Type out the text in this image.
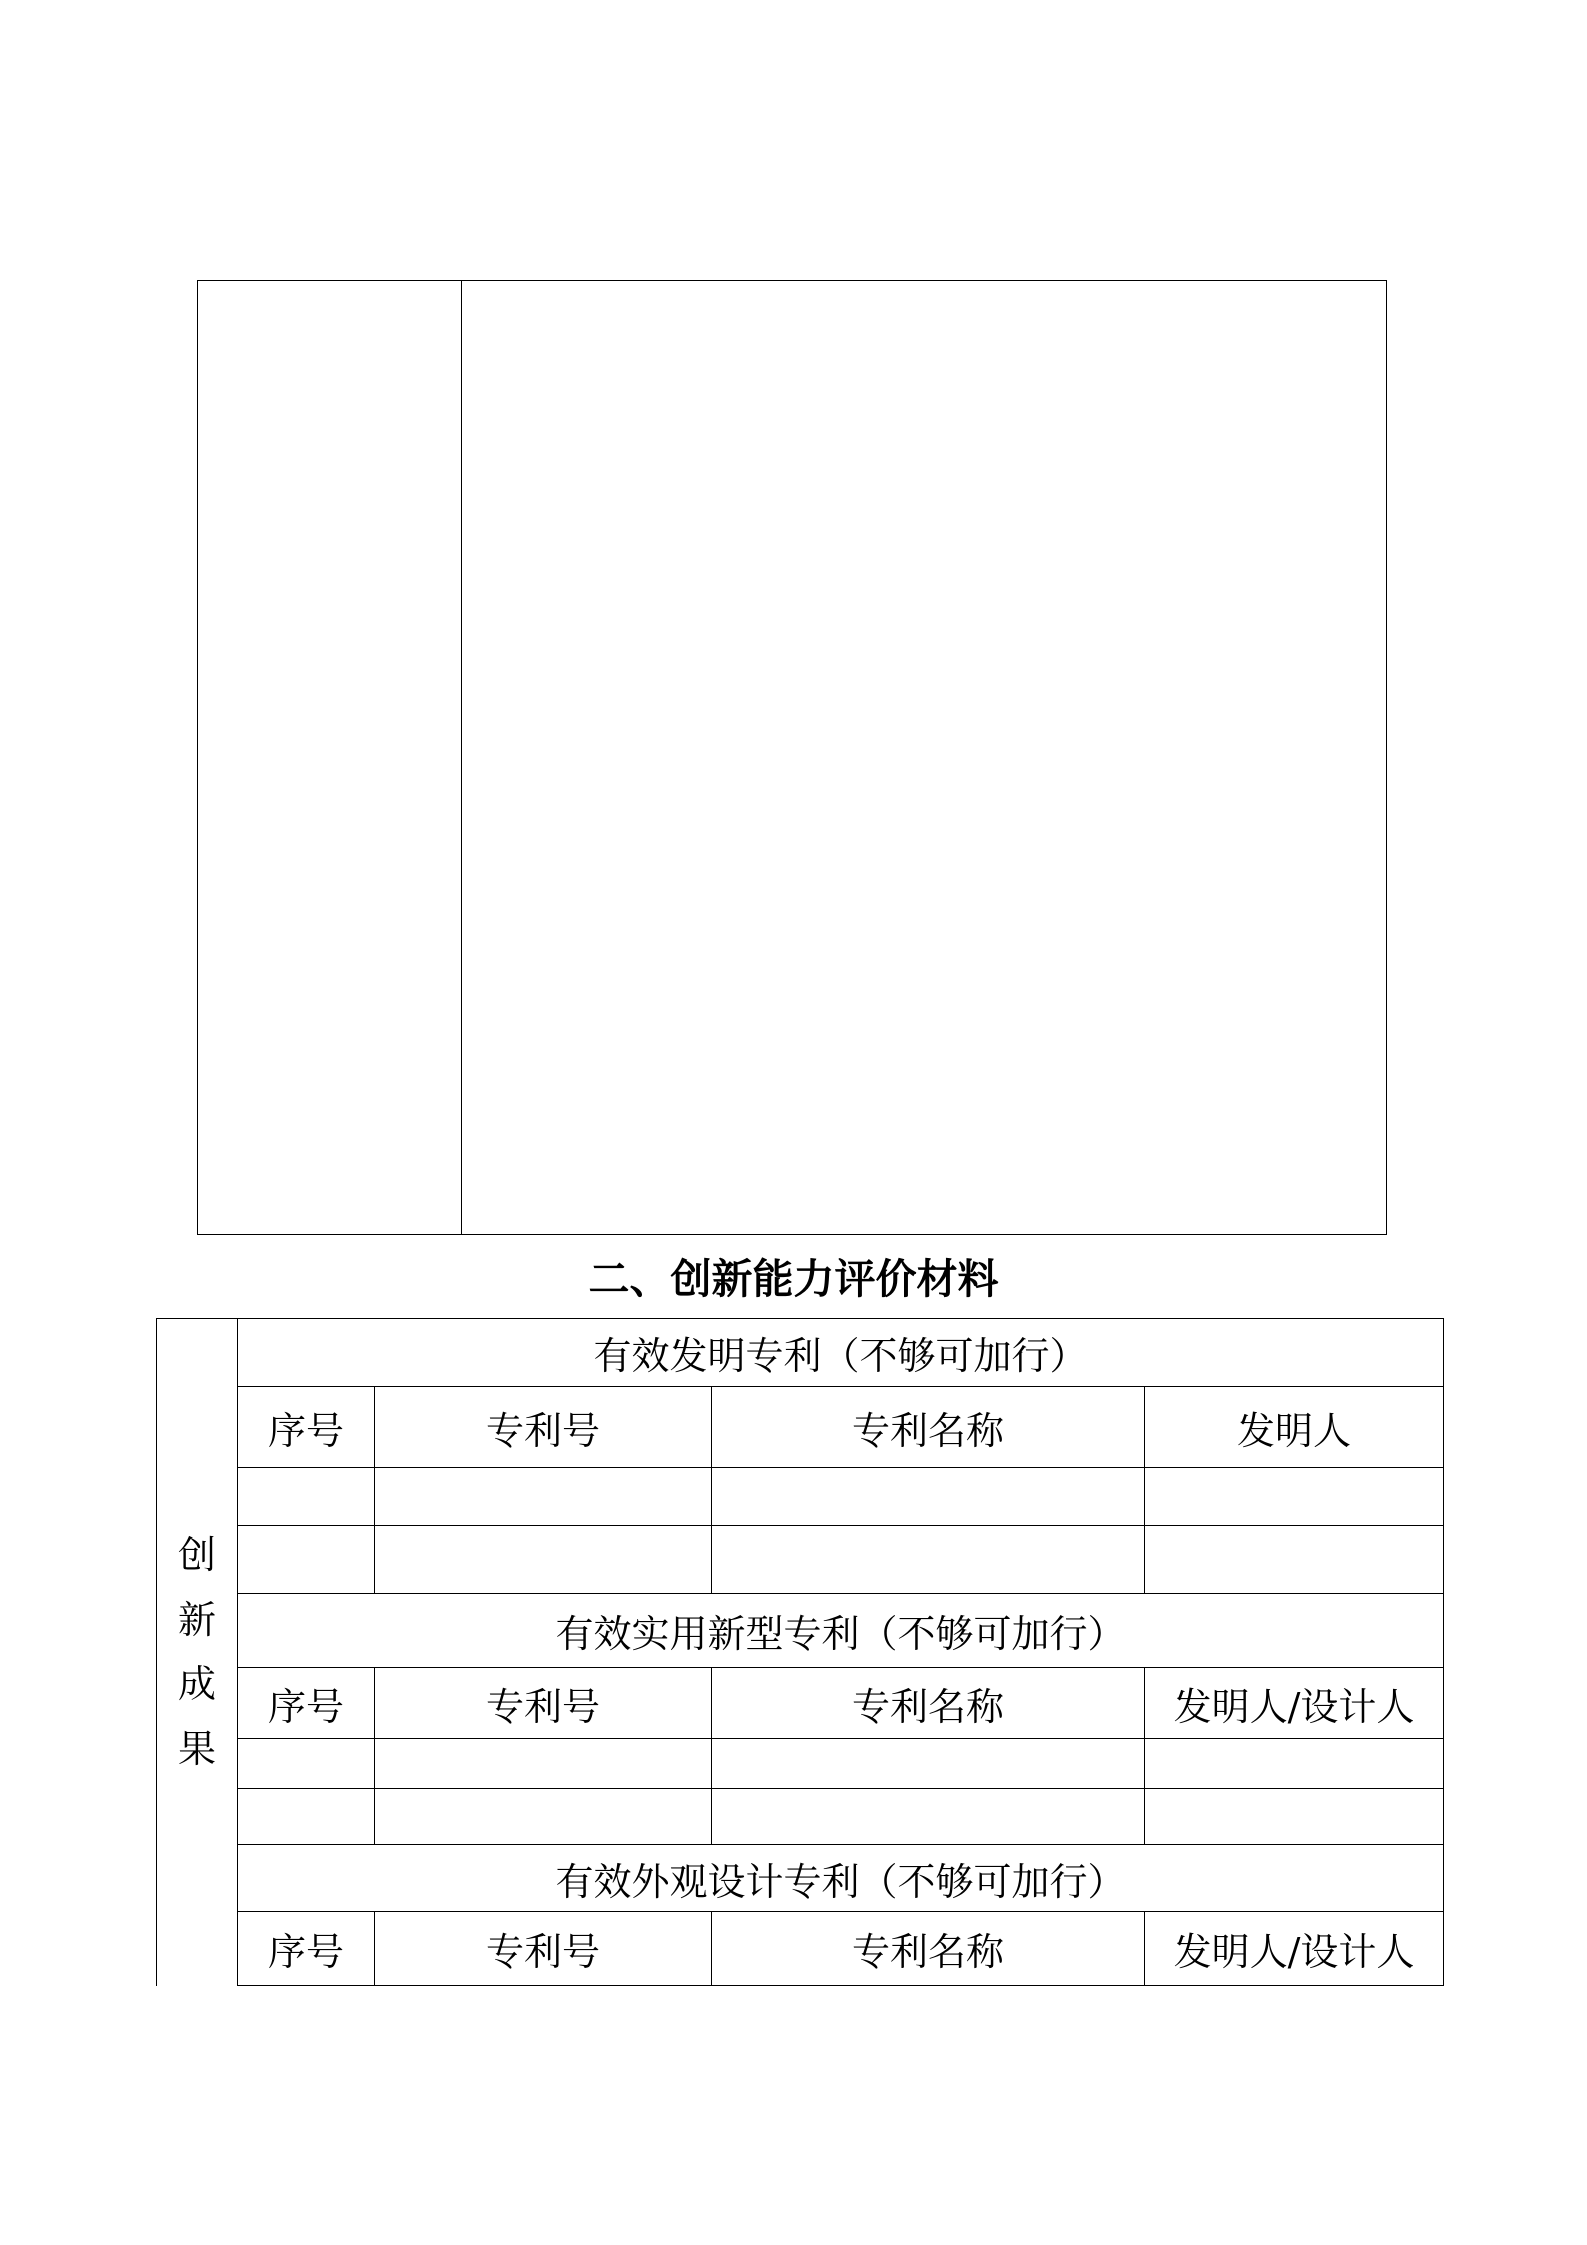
二、创新能力评价材料
创
新
成
果	有效发明专利（不够可加行）			
	序号	专利号	专利名称	发明人

	有效实用新型专利（不够可加行）			
	序号	专利号	专利名称	发明人/设计人

	有效外观设计专利（不够可加行）			
	序号	专利号	专利名称	发明人/设计人
